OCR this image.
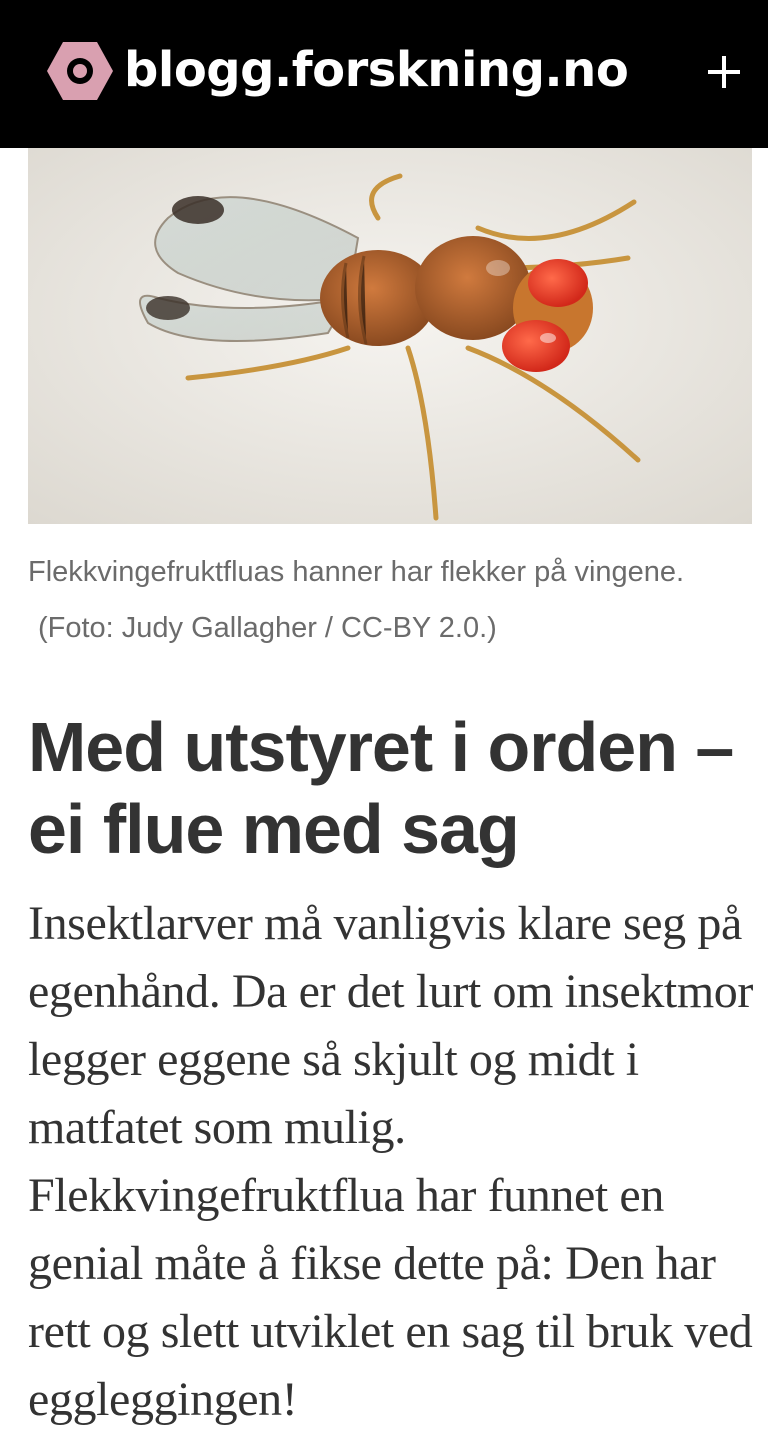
blogg.forskning.no
Flekkvingefruktfluas hanner har flekker på vingene.
(Foto: Judy Gallagher / CC-BY 2.0.)
Med utstyret i orden – ei flue med sag

Insektlarver må vanligvis klare seg på egenhånd. Da er det lurt om insektmor legger eggene så skjult og midt i matfatet som mulig. Flekkvingefruktflua har funnet en genial måte å fikse dette på: Den har rett og slett utviklet en sag til bruk ved eggleggingen!
